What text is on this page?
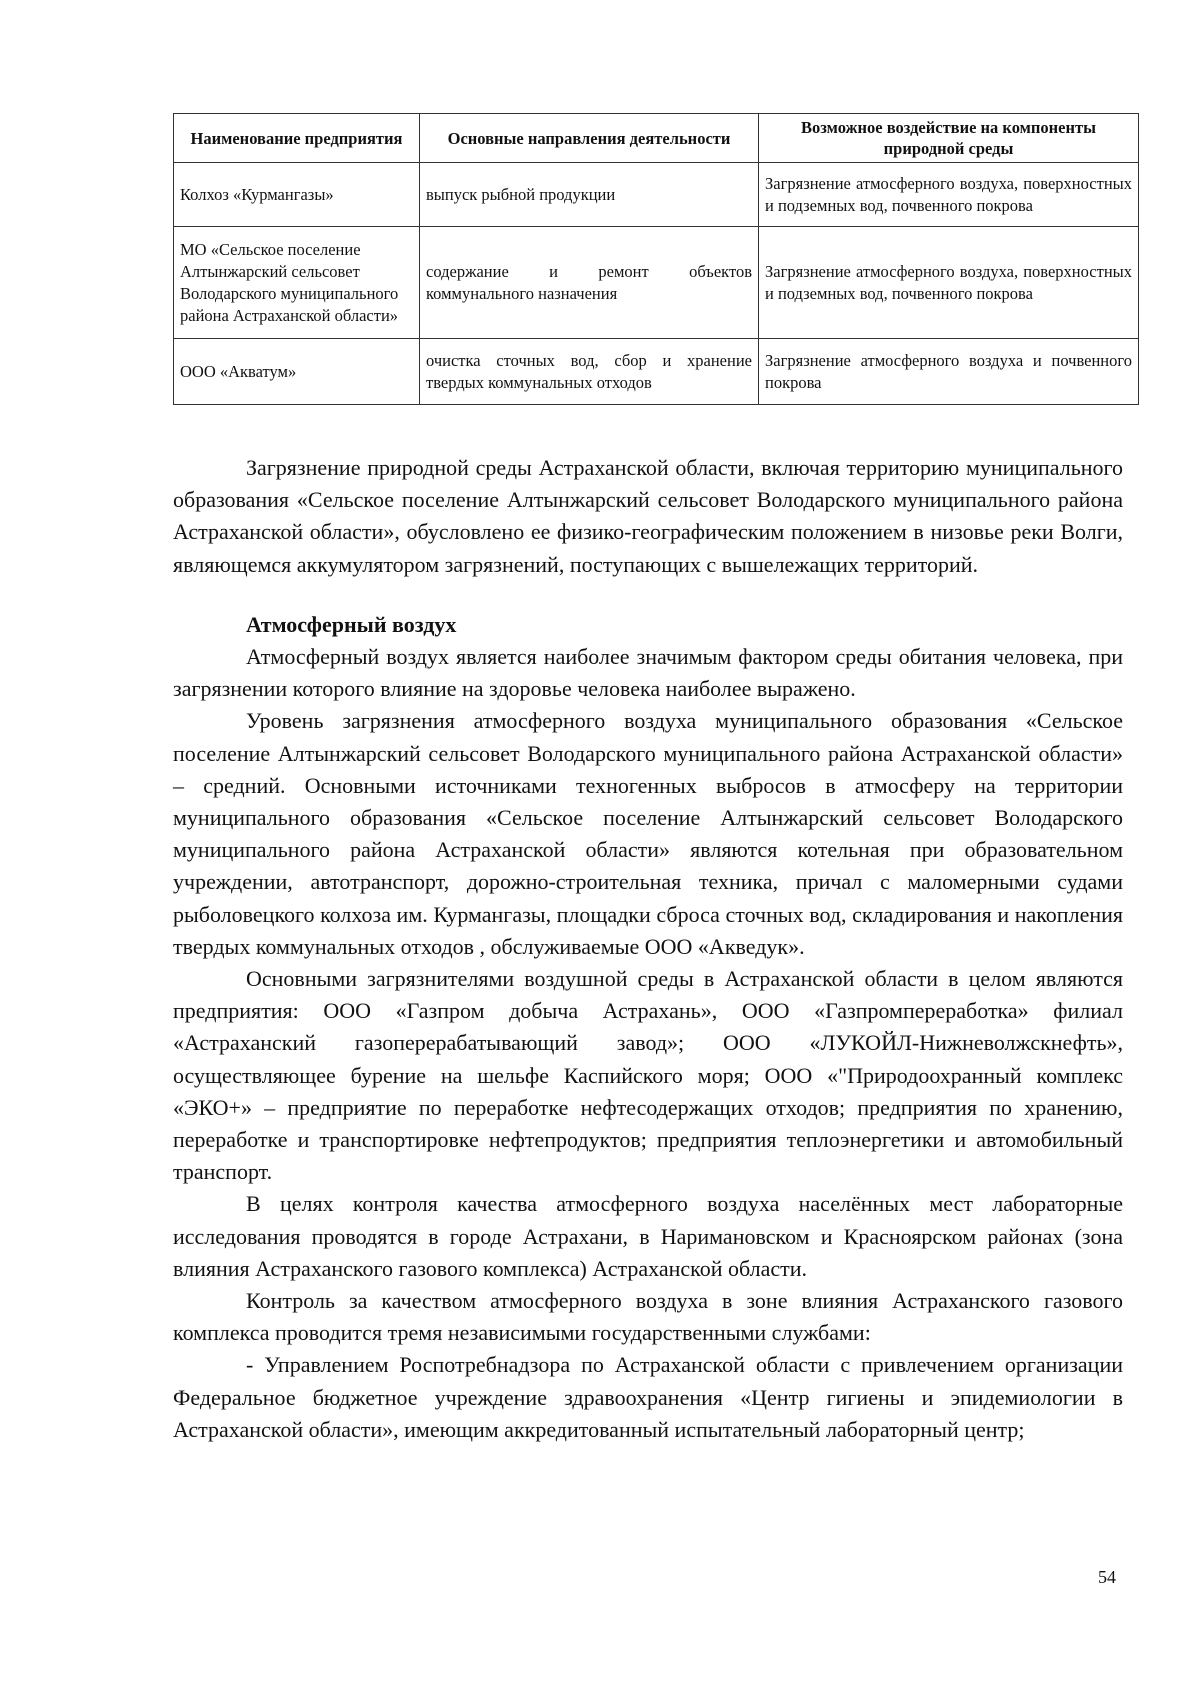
Наименование предприятия	Основные направления деятельности	Возможное воздействие на компоненты природной среды
Колхоз «Курмангазы»	выпуск рыбной продукции	Загрязнение атмосферного воздуха, поверхностных и подземных вод, почвенного покрова
МО «Сельское поселение Алтынжарский сельсовет Володарского муниципального района Астраханской области»	содержание и ремонт объектов коммунального назначения	Загрязнение атмосферного воздуха, поверхностных и подземных вод, почвенного покрова
ООО «Акватум»	очистка сточных вод, сбор и хранение твердых коммунальных отходов	Загрязнение атмосферного воздуха и почвенного покрова

Загрязнение природной среды Астраханской области, включая территорию муниципального образования «Сельское поселение Алтынжарский сельсовет Володарского муниципального района Астраханской области», обусловлено ее физико-географическим положением в низовье реки Волги, являющемся аккумулятором загрязнений, поступающих с вышележащих территорий.

Атмосферный воздух

Атмосферный воздух является наиболее значимым фактором среды обитания человека, при загрязнении которого влияние на здоровье человека наиболее выражено.

Уровень загрязнения атмосферного воздуха муниципального образования «Сельское поселение Алтынжарский сельсовет Володарского муниципального района Астраханской области» – средний. Основными источниками техногенных выбросов в атмосферу на территории муниципального образования «Сельское поселение Алтынжарский сельсовет Володарского муниципального района Астраханской области» являются котельная при образовательном учреждении, автотранспорт, дорожно-строительная техника, причал с маломерными судами рыболовецкого колхоза им. Курмангазы, площадки сброса сточных вод, складирования и накопления твердых коммунальных отходов , обслуживаемые ООО «Акведук».

Основными загрязнителями воздушной среды в Астраханской области в целом являются предприятия: ООО «Газпром добыча Астрахань», ООО «Газпромпереработка» филиал «Астраханский газоперерабатывающий завод»; ООО «ЛУКОЙЛ-Нижневолжскнефть», осуществляющее бурение на шельфе Каспийского моря; ООО «"Природоохранный комплекс «ЭКО+» – предприятие по переработке нефтесодержащих отходов; предприятия по хранению, переработке и транспортировке нефтепродуктов; предприятия теплоэнергетики и автомобильный транспорт.

В целях контроля качества атмосферного воздуха населённых мест лабораторные исследования проводятся в городе Астрахани, в Наримановском и Красноярском районах (зона влияния Астраханского газового комплекса) Астраханской области.

Контроль за качеством атмосферного воздуха в зоне влияния Астраханского газового комплекса проводится тремя независимыми государственными службами:

- Управлением Роспотребнадзора по Астраханской области с привлечением организации Федеральное бюджетное учреждение здравоохранения «Центр гигиены и эпидемиологии в Астраханской области», имеющим аккредитованный испытательный лабораторный центр;

54
